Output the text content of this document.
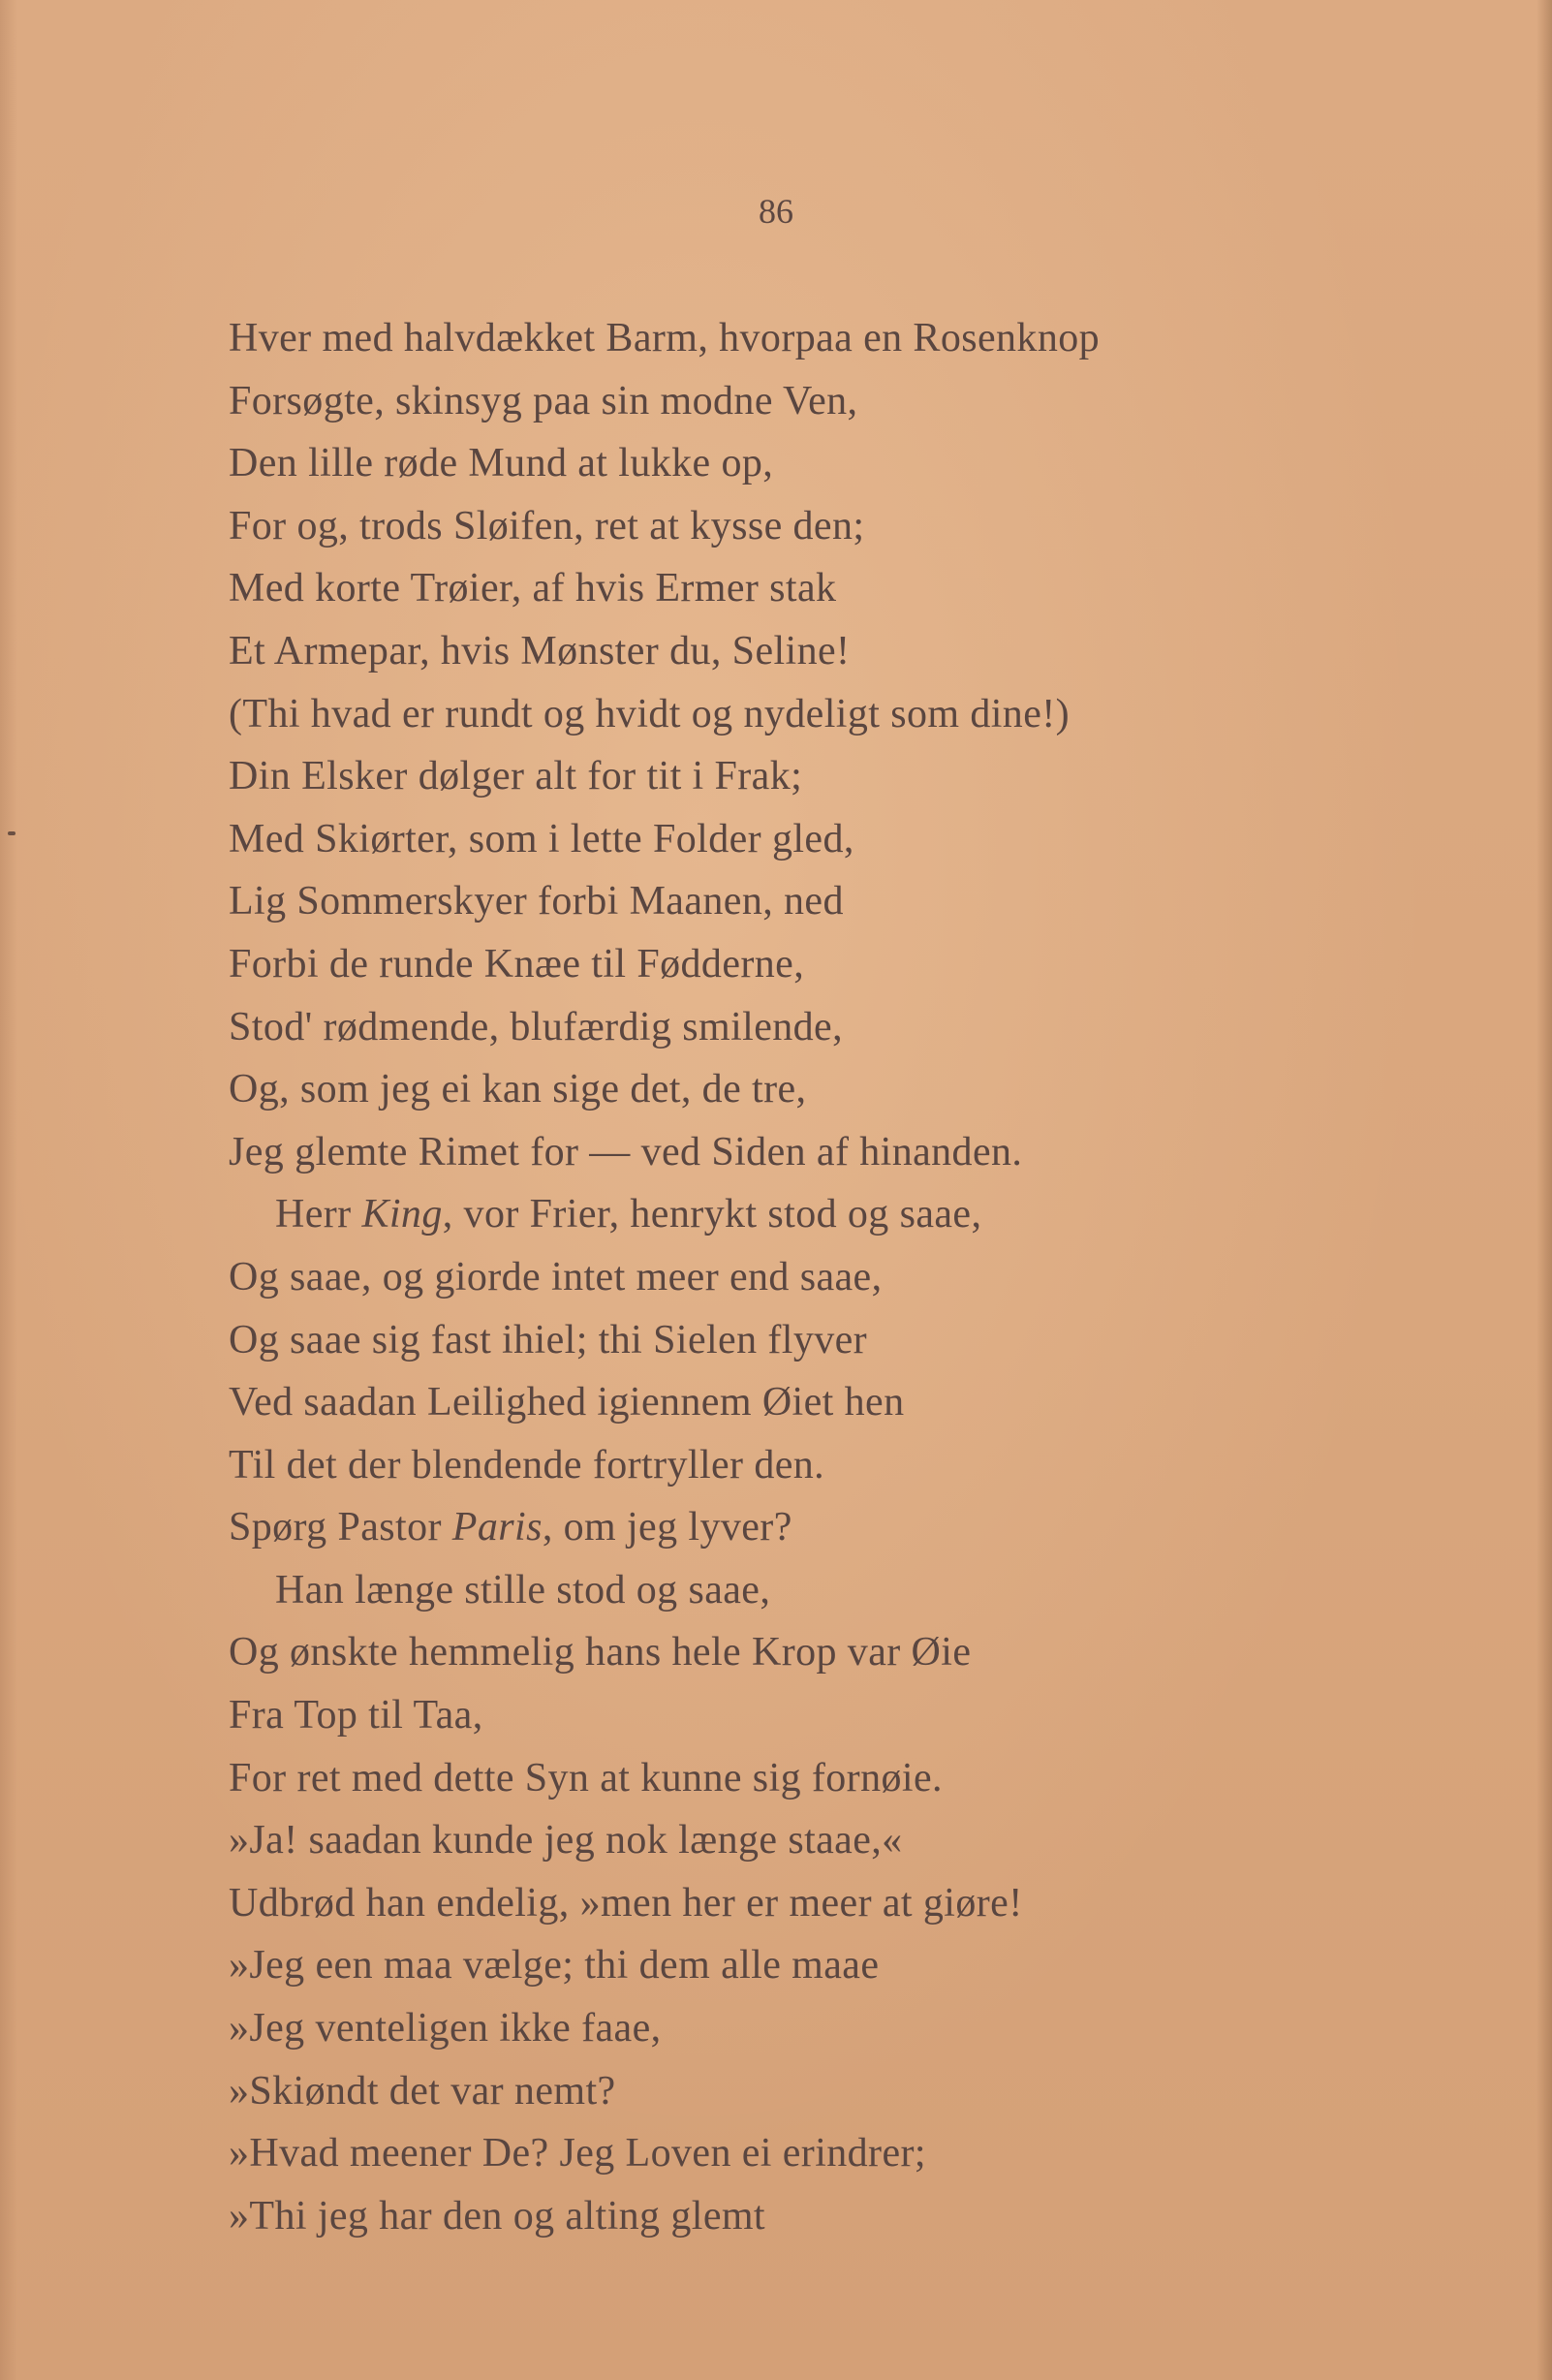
86

Hver med halvdækket Barm, hvorpaa en Rosenknop
Forsøgte, skinsyg paa sin modne Ven,
Den lille røde Mund at lukke op,
For og, trods Sløifen, ret at kysse den;
Med korte Trøier, af hvis Ermer stak
Et Armepar, hvis Mønster du, Seline!
(Thi hvad er rundt og hvidt og nydeligt som dine!)
Din Elsker dølger alt for tit i Frak;
Med Skiørter, som i lette Folder gled,
Lig Sommerskyer forbi Maanen, ned
Forbi de runde Knæe til Fødderne,
Stod' rødmende, blufærdig smilende,
Og, som jeg ei kan sige det, de tre,
Jeg glemte Rimet for — ved Siden af hinanden.
Herr King, vor Frier, henrykt stod og saae,
Og saae, og giorde intet meer end saae,
Og saae sig fast ihiel; thi Sielen flyver
Ved saadan Leilighed igiennem Øiet hen
Til det der blendende fortryller den.
Spørg Pastor Paris, om jeg lyver?
Han længe stille stod og saae,
Og ønskte hemmelig hans hele Krop var Øie
Fra Top til Taa,
For ret med dette Syn at kunne sig fornøie.
»Ja! saadan kunde jeg nok længe staae,«
Udbrød han endelig, »men her er meer at giøre!
»Jeg een maa vælge; thi dem alle maae
»Jeg venteligen ikke faae,
»Skiøndt det var nemt?
»Hvad meener De? Jeg Loven ei erindrer;
»Thi jeg har den og alting glemt
